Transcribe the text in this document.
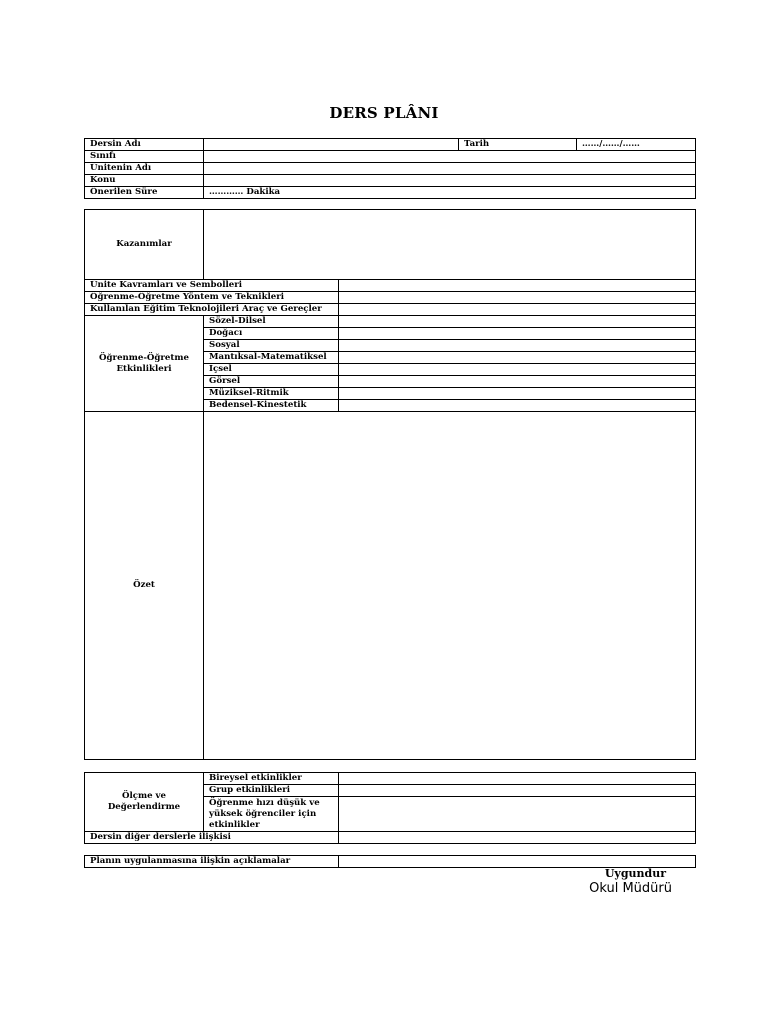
DERS PLÂNI
Dersin Adı		Tarih	……/……/……
Sınıfı			
Ünitenin Adı			
Konu			
Önerilen Süre	………… Dakika		
Kazanımlar		
Ünite Kavramları ve Sembolleri		
Öğrenme-Öğretme Yöntem ve Teknikleri		
Kullanılan Eğitim Teknolojileri Araç ve Gereçler		
Öğrenme-Öğretme Etkinlikleri	Sözel-Dilsel	
	Doğacı	
	Sosyal	
	Mantıksal-Matematiksel	
	İçsel	
	Görsel	
	Müziksel-Ritmik	
	Bedensel-Kinestetik	
Özet		
Ölçme ve Değerlendirme	Bireysel etkinlikler	
	Grup etkinlikleri	
	Öğrenme hızı düşük ve yüksek öğrenciler için etkinlikler	
Dersin diğer derslerle ilişkisi		
Planın uygulanmasına ilişkin açıklamalar	
Uygundur
Okul Müdürü
